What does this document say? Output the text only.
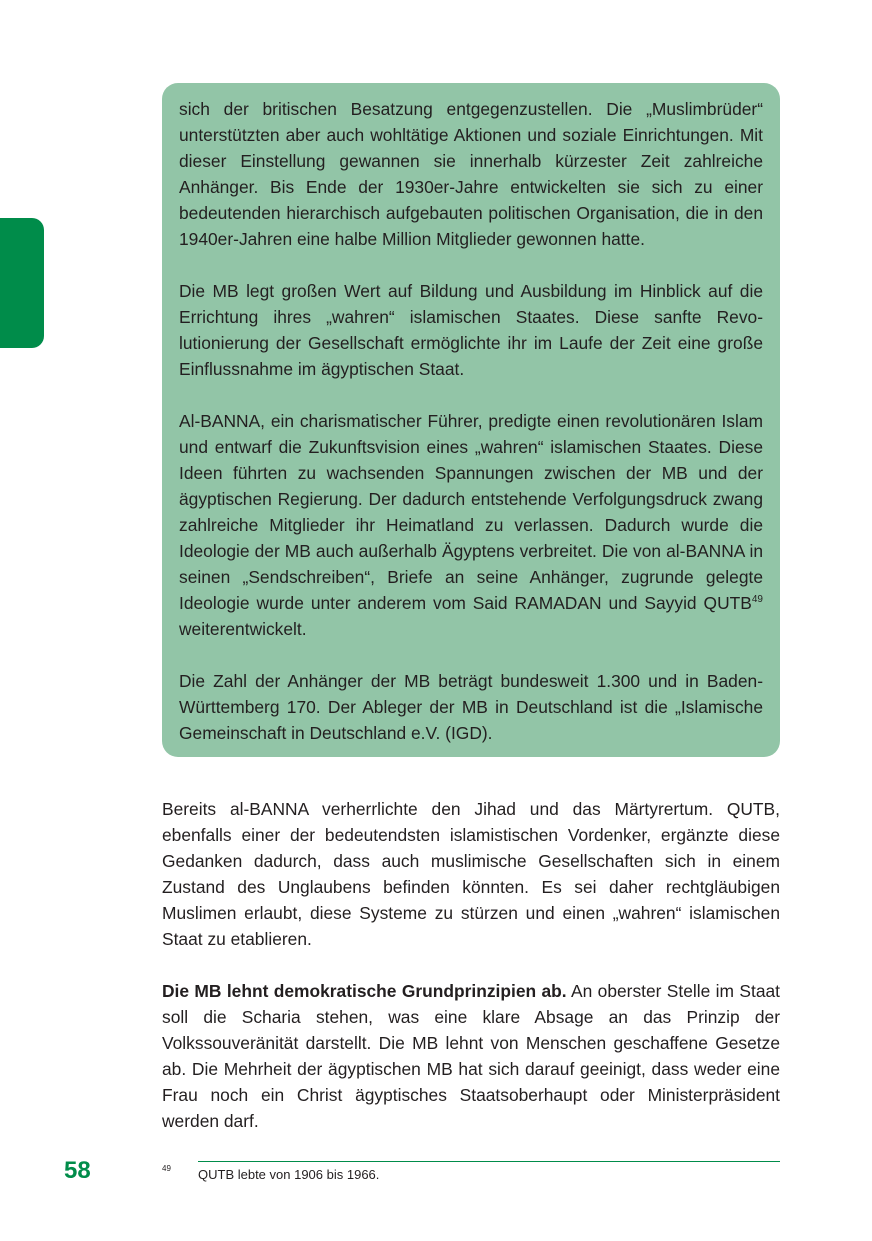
sich der britischen Besatzung entgegenzustellen. Die „Muslimbrüder“ unterstützten aber auch wohltätige Aktionen und soziale Einrichtungen. Mit dieser Einstellung gewannen sie innerhalb kürzester Zeit zahlreiche Anhänger. Bis Ende der 1930er-Jahre entwickelten sie sich zu einer bedeutenden hierarchisch aufgebauten politischen Organisation, die in den 1940er-Jahren eine halbe Million Mitglieder gewonnen hatte.

Die MB legt großen Wert auf Bildung und Ausbildung im Hinblick auf die Errichtung ihres „wahren“ islamischen Staates. Diese sanfte Revolutionierung der Gesellschaft ermöglichte ihr im Laufe der Zeit eine große Einflussnahme im ägyptischen Staat.

Al-BANNA, ein charismatischer Führer, predigte einen revolutionären Islam und entwarf die Zukunftsvision eines „wahren“ islamischen Staates. Diese Ideen führten zu wachsenden Spannungen zwischen der MB und der ägyptischen Regierung. Der dadurch entstehende Verfolgungsdruck zwang zahlreiche Mitglieder ihr Heimatland zu verlassen. Dadurch wurde die Ideologie der MB auch außerhalb Ägyptens verbreitet. Die von al-BANNA in seinen „Sendschreiben“, Briefe an seine Anhänger, zugrunde gelegte Ideologie wurde unter anderem vom Said RAMADAN und Sayyid QUTB$^{49}$ weiterentwickelt.

Die Zahl der Anhänger der MB beträgt bundesweit 1.300 und in Baden-Württemberg 170. Der Ableger der MB in Deutschland ist die „Islamische Gemeinschaft in Deutschland e.V. (IGD).

Bereits al-BANNA verherrlichte den Jihad und das Märtyrertum. QUTB, ebenfalls einer der bedeutendsten islamistischen Vordenker, ergänzte diese Gedanken dadurch, dass auch muslimische Gesellschaften sich in einem Zustand des Unglaubens befinden könnten. Es sei daher rechtgläubigen Muslimen erlaubt, diese Systeme zu stürzen und einen „wahren“ islamischen Staat zu etablieren.

Die MB lehnt demokratische Grundprinzipien ab. An oberster Stelle im Staat soll die Scharia stehen, was eine klare Absage an das Prinzip der Volkssouveränität darstellt. Die MB lehnt von Menschen geschaffene Gesetze ab. Die Mehrheit der ägyptischen MB hat sich darauf geeinigt, dass weder eine Frau noch ein Christ ägyptisches Staatsoberhaupt oder Ministerpräsident werden darf.

58	49 QUTB lebte von 1906 bis 1966.
